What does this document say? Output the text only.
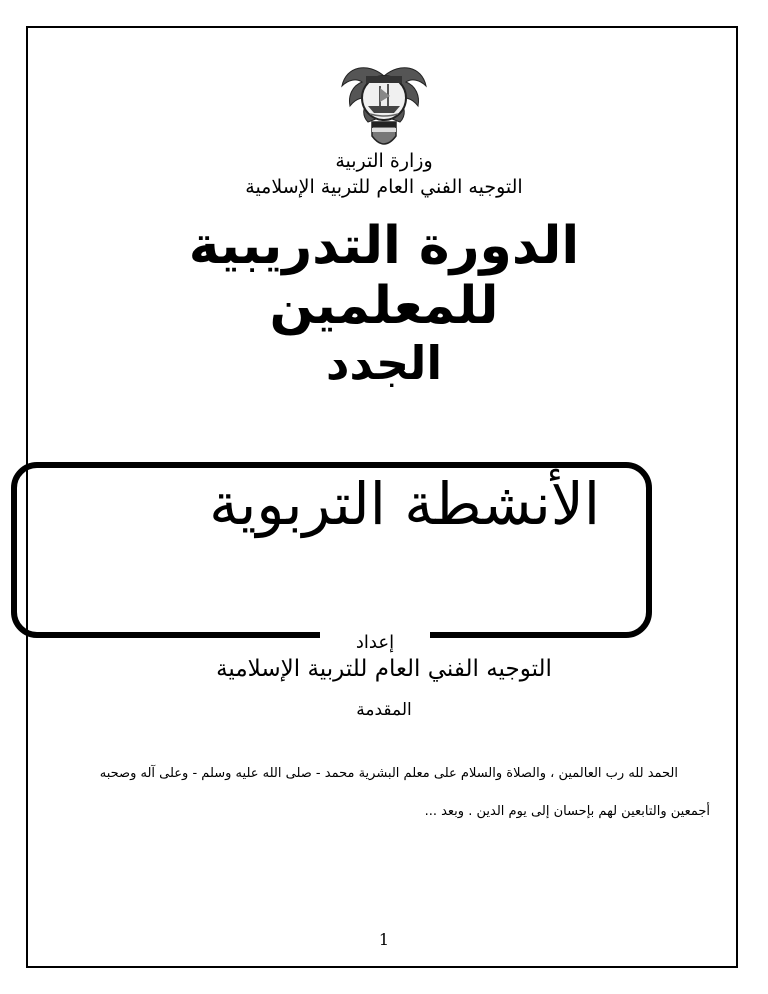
وزارة التربية
التوجيه الفني العام للتربية الإسلامية
الدورة التدريبية للمعلمين
الجدد
الأنشطة التربوية
إعداد
التوجيه الفني العام للتربية الإسلامية
المقدمة
الحمد لله رب العالمين ، والصلاة والسلام على معلم البشرية محمد - صلى الله عليه وسلم - وعلى آله وصحبه
أجمعين والتابعين لهم بإحسان إلى يوم الدين . وبعد ...
1
